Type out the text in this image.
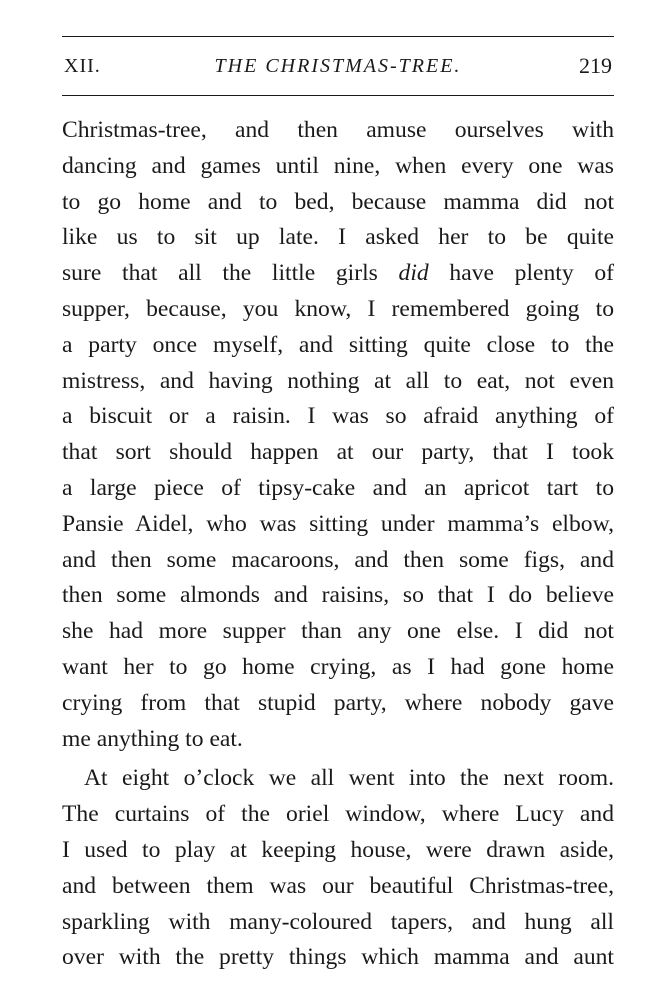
XII.	THE CHRISTMAS-TREE.	219
Christmas-tree, and then amuse ourselves with
dancing and games until nine, when every one was
to go home and to bed, because mamma did not
like us to sit up late. I asked her to be quite
sure that all the little girls did have plenty of
supper, because, you know, I remembered going to
a party once myself, and sitting quite close to the
mistress, and having nothing at all to eat, not even
a biscuit or a raisin. I was so afraid anything of
that sort should happen at our party, that I took
a large piece of tipsy-cake and an apricot tart to
Pansie Aidel, who was sitting under mamma’s elbow,
and then some macaroons, and then some figs, and
then some almonds and raisins, so that I do believe
she had more supper than any one else. I did not
want her to go home crying, as I had gone home
crying from that stupid party, where nobody gave
me anything to eat.
At eight o’clock we all went into the next room.
The curtains of the oriel window, where Lucy and
I used to play at keeping house, were drawn aside,
and between them was our beautiful Christmas-tree,
sparkling with many-coloured tapers, and hung all
over with the pretty things which mamma and aunt
